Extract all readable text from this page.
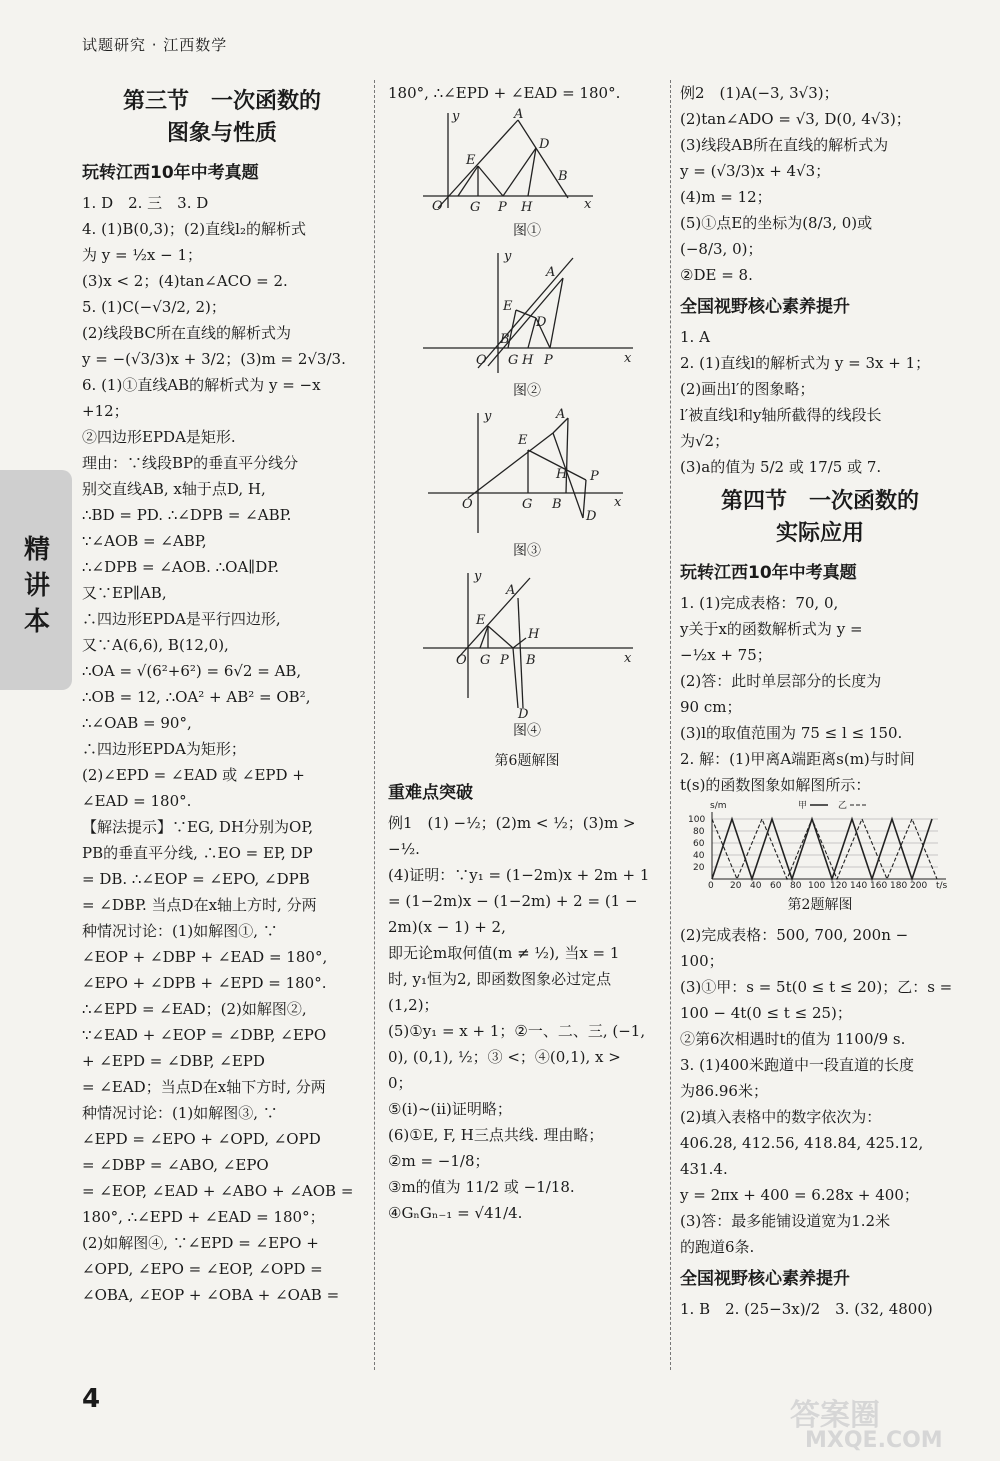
试题研究 · 江西数学
精
讲
本
第三节　一次函数的
图象与性质
玩转江西10年中考真题
1. D　2. 三　3. D
4. (1)B(0,3)；(2)直线l₂的解析式
为 y = ½x − 1；
(3)x < 2；(4)tan∠ACO = 2.
5. (1)C(−√3/2, 2)；
(2)线段BC所在直线的解析式为
y = −(√3/3)x + 3/2；(3)m = 2√3/3.
6. (1)①直线AB的解析式为 y = −x
+12；
②四边形EPDA是矩形.
理由：∵线段BP的垂直平分线分
别交直线AB, x轴于点D, H,
∴BD = PD. ∴∠DPB = ∠ABP.
∵∠AOB = ∠ABP,
∴∠DPB = ∠AOB. ∴OA∥DP.
又∵EP∥AB,
∴四边形EPDA是平行四边形,
又∵A(6,6), B(12,0),
∴OA = √(6²+6²) = 6√2 = AB,
∴OB = 12, ∴OA² + AB² = OB²,
∴∠OAB = 90°,
∴四边形EPDA为矩形；
(2)∠EPD = ∠EAD 或 ∠EPD +
∠EAD = 180°.
【解法提示】∵EG, DH分别为OP,
PB的垂直平分线, ∴EO = EP, DP
= DB. ∴∠EOP = ∠EPO, ∠DPB
= ∠DBP. 当点D在x轴上方时, 分两
种情况讨论：(1)如解图①, ∵
∠EOP + ∠DBP + ∠EAD = 180°,
∠EPO + ∠DPB + ∠EPD = 180°.
∴∠EPD = ∠EAD；(2)如解图②,
∵∠EAD + ∠EOP = ∠DBP, ∠EPO
+ ∠EPD = ∠DBP, ∠EPD
= ∠EAD；当点D在x轴下方时, 分两
种情况讨论：(1)如解图③, ∵
∠EPD = ∠EPO + ∠OPD, ∠OPD
= ∠DBP = ∠ABO, ∠EPO
= ∠EOP, ∠EAD + ∠ABO + ∠AOB =
180°, ∴∠EPD + ∠EAD = 180°；
(2)如解图④, ∵∠EPD = ∠EPO +
∠OPD, ∠EPO = ∠EOP, ∠OPD =
∠OBA, ∠EOP + ∠OBA + ∠OAB =
180°, ∴∠EPD + ∠EAD = 180°.
y	A
D
E
B
O G P H	x
图①
y
A
E
D
B
O G H P	x
图②
y	A
E
H P
O	G B
D
x
图③
y
A
E
H
O G P B
D
x
图④
第6题解图
重难点突破
例1　(1) −½；(2)m < ½；(3)m >
−½.
(4)证明：∵y₁ = (1−2m)x + 2m + 1
= (1−2m)x − (1−2m) + 2 = (1 −
2m)(x − 1) + 2,
即无论m取何值(m ≠ ½), 当x = 1
时, y₁恒为2, 即函数图象必过定点
(1,2)；
(5)①y₁ = x + 1；②一、二、三, (−1,
0), (0,1), ½；③ <；④(0,1), x >
0；
⑤(ⅰ)~(ⅱ)证明略；
(6)①E, F, H三点共线. 理由略；
②m = −1/8；
③m的值为 11/2 或 −1/18.
④GₙGₙ₋₁ = √41/4.
例2　(1)A(−3, 3√3)；
(2)tan∠ADO = √3, D(0, 4√3)；
(3)线段AB所在直线的解析式为
y = (√3/3)x + 4√3；
(4)m = 12；
(5)①点E的坐标为(8/3, 0)或
(−8/3, 0)；
②DE = 8.
全国视野核心素养提升
1. A
2. (1)直线l的解析式为 y = 3x + 1；
(2)画出l′的图象略；
l′被直线l和y轴所截得的线段长
为√2；
(3)a的值为 5/2 或 17/5 或 7.
第四节　一次函数的
实际应用
玩转江西10年中考真题
1. (1)完成表格：70, 0,
y关于x的函数解析式为 y =
−½x + 75；
(2)答：此时单层部分的长度为
90 cm；
(3)l的取值范围为 75 ≤ l ≤ 150.
2. 解：(1)甲离A端距离s(m)与时间
t(s)的函数图象如解图所示：
s/m	甲	乙
100
80
60
40
20
0 20 40 60 80 100 120 140 160 180 200 t/s
第2题解图
(2)完成表格：500, 700, 200n −
100；
(3)①甲：s = 5t(0 ≤ t ≤ 20)；乙：s =
100 − 4t(0 ≤ t ≤ 25)；
②第6次相遇时t的值为 1100/9 s.
3. (1)400米跑道中一段直道的长度
为86.96米；
(2)填入表格中的数字依次为：
406.28, 412.56, 418.84, 425.12,
431.4.
y = 2πx + 400 = 6.28x + 400；
(3)答：最多能铺设道宽为1.2米
的跑道6条.
全国视野核心素养提升
1. B　2. (25−3x)/2　3. (32, 4800)
4	答案圈
MXQE.COM
